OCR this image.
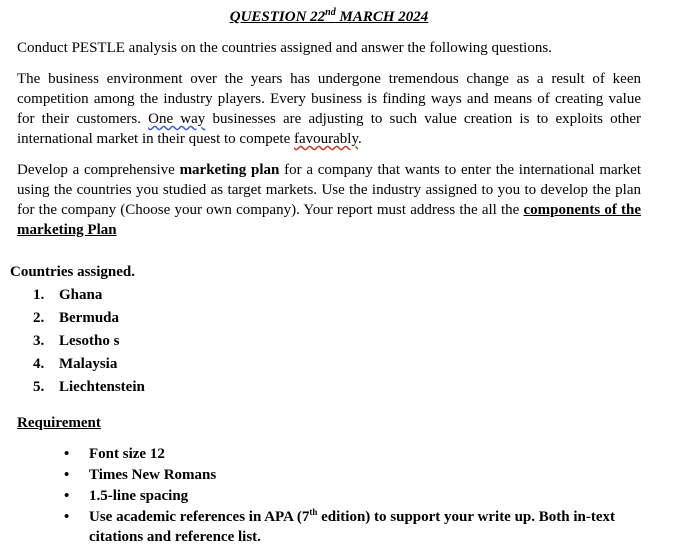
QUESTION 22nd MARCH 2024

Conduct PESTLE analysis on the countries assigned and answer the following questions.

The business environment over the years has undergone tremendous change as a result of keen competition among the industry players. Every business is finding ways and means of creating value for their customers. One way businesses are adjusting to such value creation is to exploits other international market in their quest to compete favourably.

Develop a comprehensive marketing plan for a company that wants to enter the international market using the countries you studied as target markets. Use the industry assigned to you to develop the plan for the company (Choose your own company). Your report must address the all the components of the marketing Plan

Countries assigned.

1. Ghana
2. Bermuda
3. Lesotho s
4. Malaysia
5. Liechtenstein

Requirement

• Font size 12
• Times New Romans
• 1.5-line spacing
• Use academic references in APA (7th edition) to support your write up. Both in-text citations and reference list.
